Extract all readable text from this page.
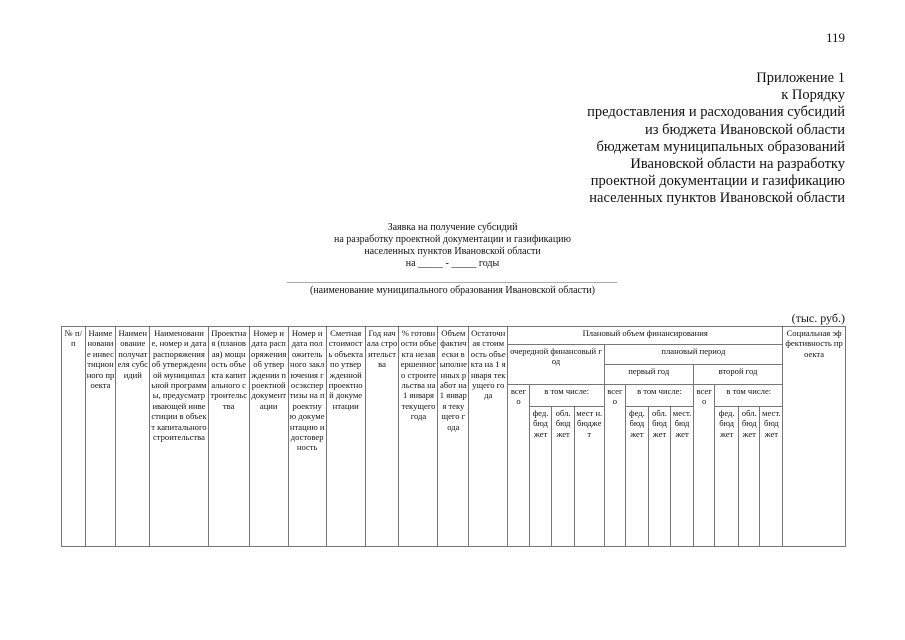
119
Приложение 1
к Порядку
предоставления и расходования субсидий
из бюджета Ивановской области
бюджетам муниципальных образований
Ивановской области на разработку
проектной документации и газификацию
населенных пунктов Ивановской области
Заявка на получение субсидий
на разработку проектной документации и газификацию
населенных пунктов Ивановской области
на _____ - _____ годы
(наименование муниципального образования Ивановской области)
(тыс. руб.)
№ п/п	Наименование инвестиционного проекта	Наименование получателя субсидий	Наименование, номер и дата распоряжения об утвержденной муниципальной программы, предусматривающей инвестиции в объект капитального строительства	Проектная (плановая) мощность объекта капитального строительства	Номер и дата распоряжения об утверждении проектной документации	Номер и дата положительного заключения госэкспертизы на проектную документацию и достоверность	Сметная стоимость объекта по утвержденной проектной документации	Год начала строительства	% готовности объекта незавершенного строительства на 1 января текущего года	Объем фактически выполненных работ на 1 января текущего года	Остаточная стоимость объекта на 1 января текущего года	Плановый объем финансирования												Социальная эффективность проекта
												очередной финансовый год				плановый период								
																первый год				второй год				
												всего	в том числе:			всего	в том числе:			всего	в том числе:			
													фед. бюджет	обл. бюджет	мест н. бюджет		фед. бюджет	обл. бюджет	мест. бюджет		фед. бюджет	обл. бюджет	мест. бюджет	
